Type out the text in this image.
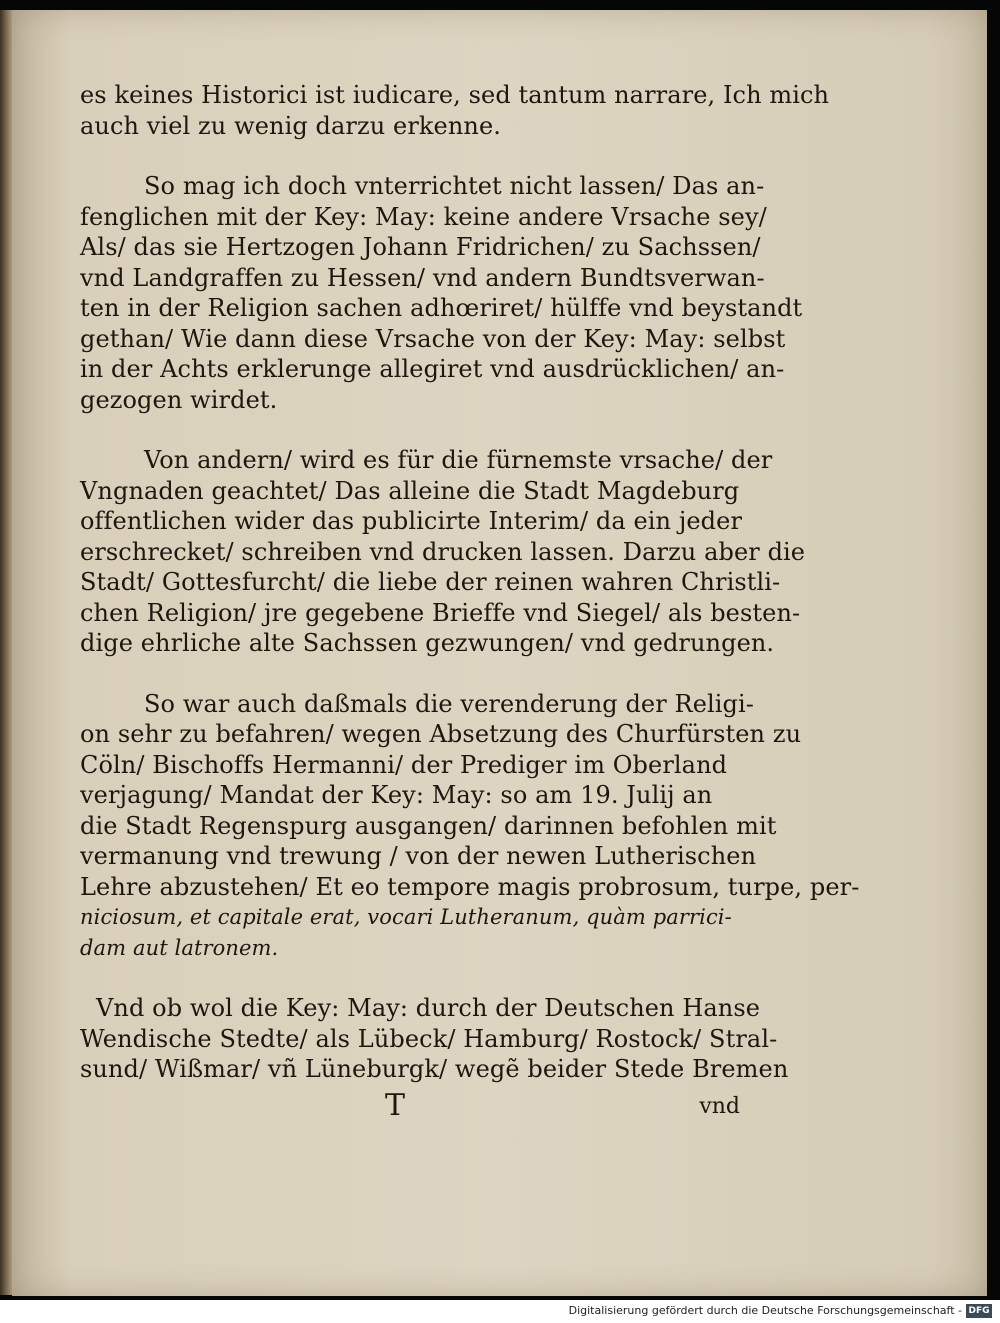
es keines Historici ist iudicare, sed tantum narrare, Ich mich
auch viel zu wenig darzu erkenne.
So mag ich doch vnterrichtet nicht lassen/ Das an-
fenglichen mit der Key: May: keine andere Vrsache sey/
Als/ das sie Hertzogen Johann Fridrichen/ zu Sachssen/
vnd Landgraffen zu Hessen/ vnd andern Bundtsverwan-
ten in der Religion sachen adhœriret/ hülffe vnd beystandt
gethan/ Wie dann diese Vrsache von der Key: May: selbst
in der Achts erklerunge allegiret vnd ausdrücklichen/ an-
gezogen wirdet.
Von andern/ wird es für die fürnemste vrsache/ der
Vngnaden geachtet/ Das alleine die Stadt Magdeburg
offentlichen wider das publicirte Interim/ da ein jeder
erschrecket/ schreiben vnd drucken lassen. Darzu aber die
Stadt/ Gottesfurcht/ die liebe der reinen wahren Christli-
chen Religion/ jre gegebene Brieffe vnd Siegel/ als besten-
dige ehrliche alte Sachssen gezwungen/ vnd gedrungen.
So war auch daßmals die verenderung der Religi-
on sehr zu befahren/ wegen Absetzung des Churfürsten zu
Cöln/ Bischoffs Hermanni/ der Prediger im Oberland
verjagung/ Mandat der Key: May: so am 19. Julij an
die Stadt Regenspurg ausgangen/ darinnen befohlen mit
vermanung vnd trewung / von der newen Lutherischen
Lehre abzustehen/ Et eo tempore magis probrosum, turpe, per-
niciosum, et capitale erat, vocari Lutheranum, quàm parrici-
dam aut latronem.
Vnd ob wol die Key: May: durch der Deutschen Hanse
Wendische Stedte/ als Lübeck/ Hamburg/ Rostock/ Stral-
sund/ Wißmar/ vñ Lüneburgk/ wegẽ beider Stede Bremen
T	vnd
Digitalisierung gefördert durch die Deutsche Forschungsgemeinschaft - DFG
